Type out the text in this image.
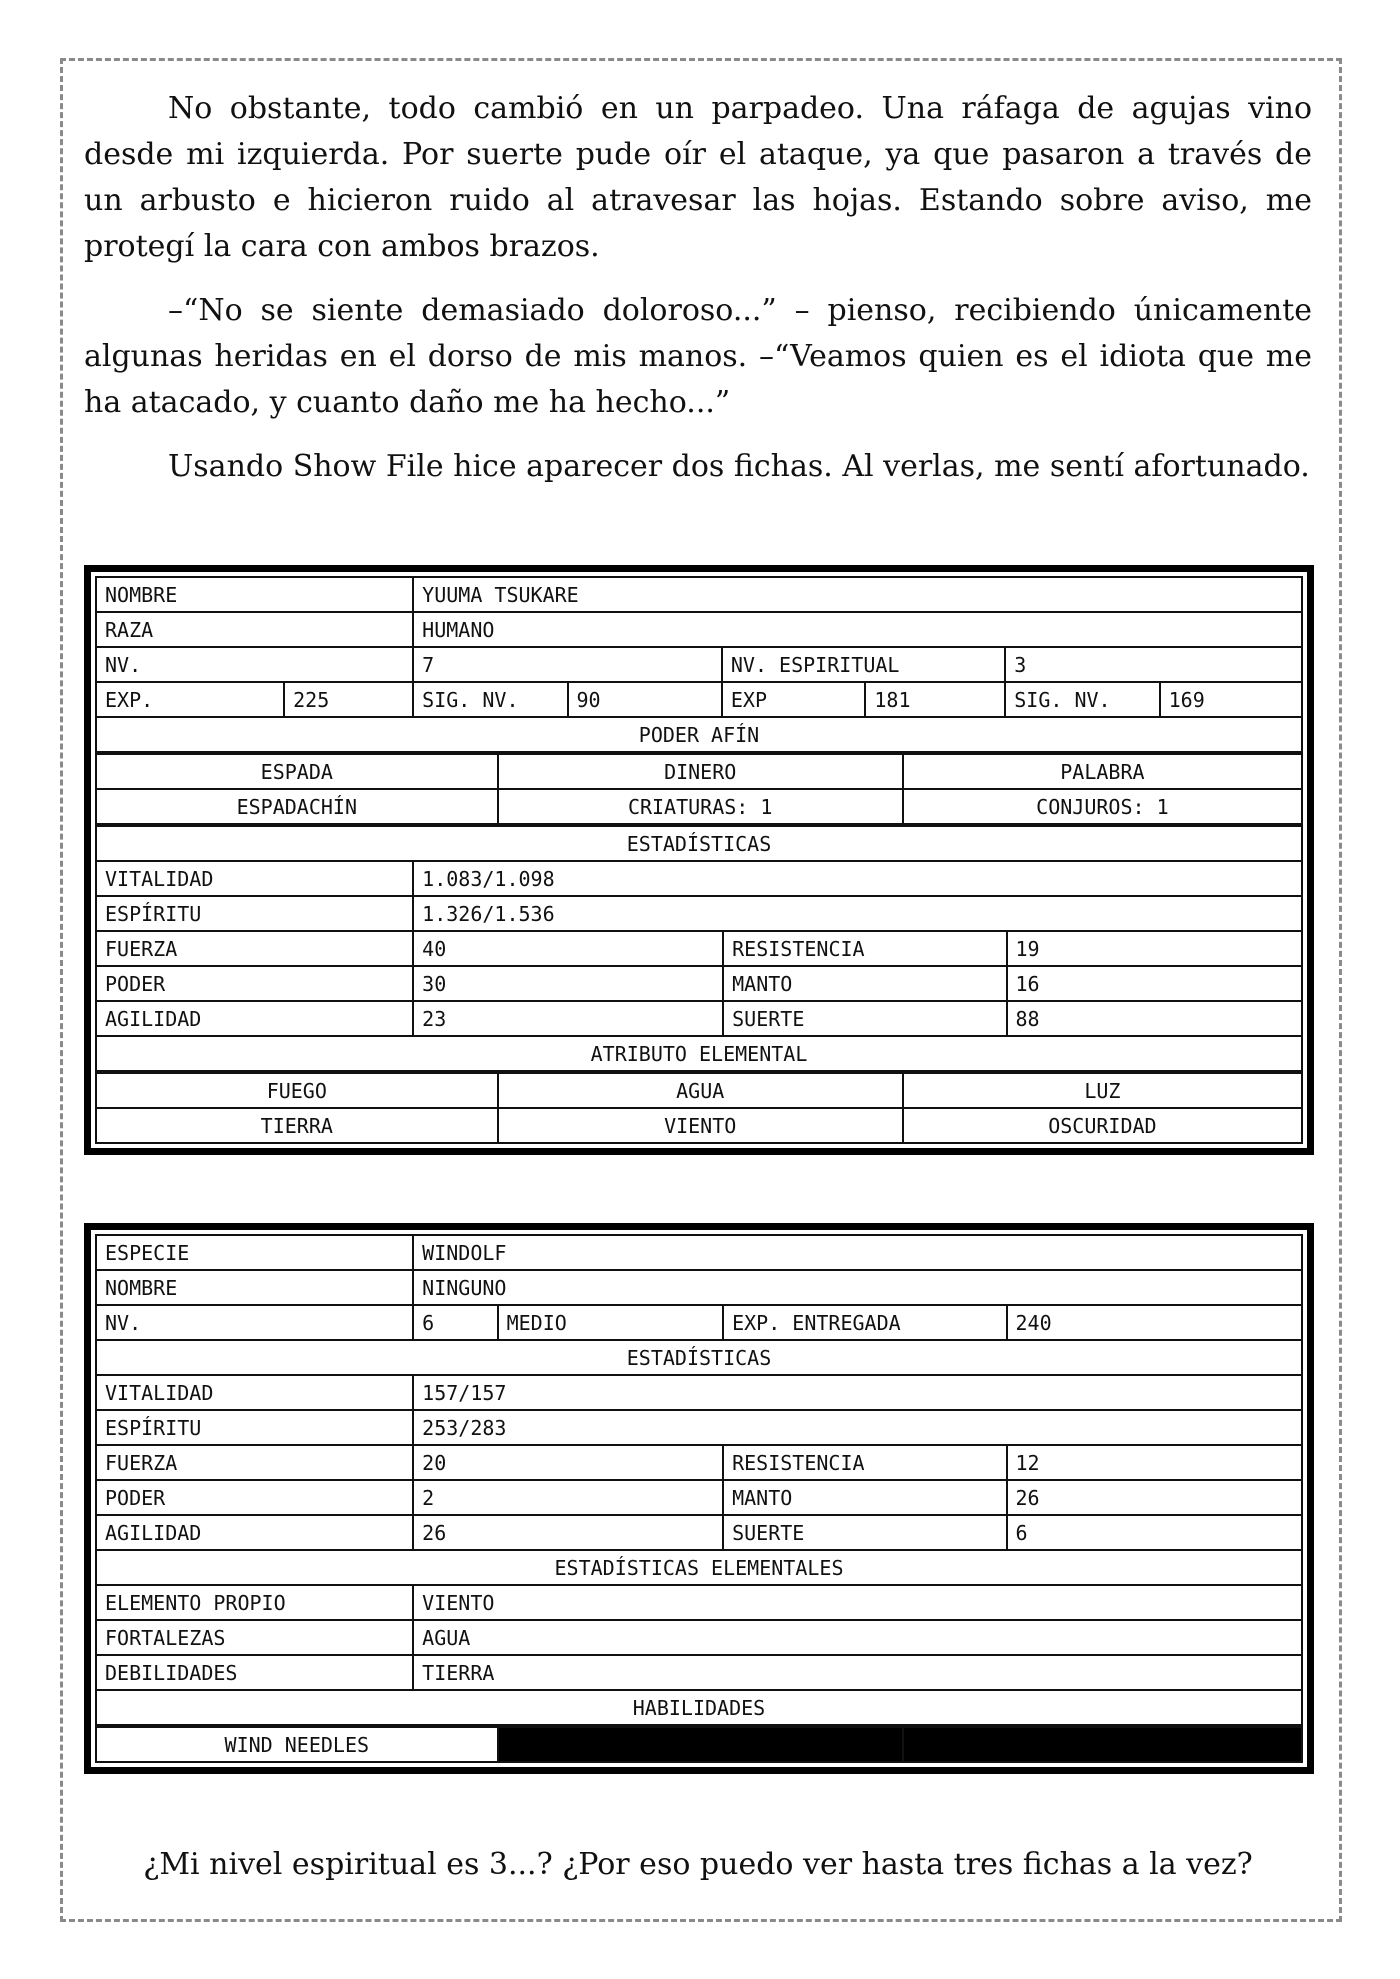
No obstante, todo cambió en un parpadeo. Una ráfaga de agujas vino desde mi izquierda. Por suerte pude oír el ataque, ya que pasaron a través de un arbusto e hicieron ruido al atravesar las hojas. Estando sobre aviso, me protegí la cara con ambos brazos.

–“No se siente demasiado doloroso...” – pienso, recibiendo únicamente algunas heridas en el dorso de mis manos. –“Veamos quien es el idiota que me ha atacado, y cuanto daño me ha hecho...”

Usando Show File hice aparecer dos fichas. Al verlas, me sentí afortunado.

NOMBRE		YUUMA TSUKARE					
RAZA		HUMANO					
NV.		7		NV. ESPIRITUAL		3	
EXP.	225	SIG. NV.	90	EXP	181	SIG. NV.	169
PODER AFÍN							
ESPADA	DINERO	PALABRA
ESPADACHÍN	CRIATURAS: 1	CONJUROS: 1
ESTADÍSTICAS			
VITALIDAD	1.083/1.098		
ESPÍRITU	1.326/1.536		
FUERZA	40	RESISTENCIA	19
PODER	30	MANTO	16
AGILIDAD	23	SUERTE	88
ATRIBUTO ELEMENTAL			
FUEGO	AGUA	LUZ
TIERRA	VIENTO	OSCURIDAD
ESPECIE	WINDOLF			
NOMBRE	NINGUNO			
NV.	6	MEDIO	EXP. ENTREGADA	240
ESTADÍSTICAS				
VITALIDAD	157/157			
ESPÍRITU	253/283			
FUERZA	20		RESISTENCIA	12
PODER	2		MANTO	26
AGILIDAD	26		SUERTE	6
ESTADÍSTICAS ELEMENTALES				
ELEMENTO PROPIO	VIENTO			
FORTALEZAS	AGUA			
DEBILIDADES	TIERRA			
HABILIDADES				
WIND NEEDLES		
¿Mi nivel espiritual es 3...? ¿Por eso puedo ver hasta tres fichas a la vez?
